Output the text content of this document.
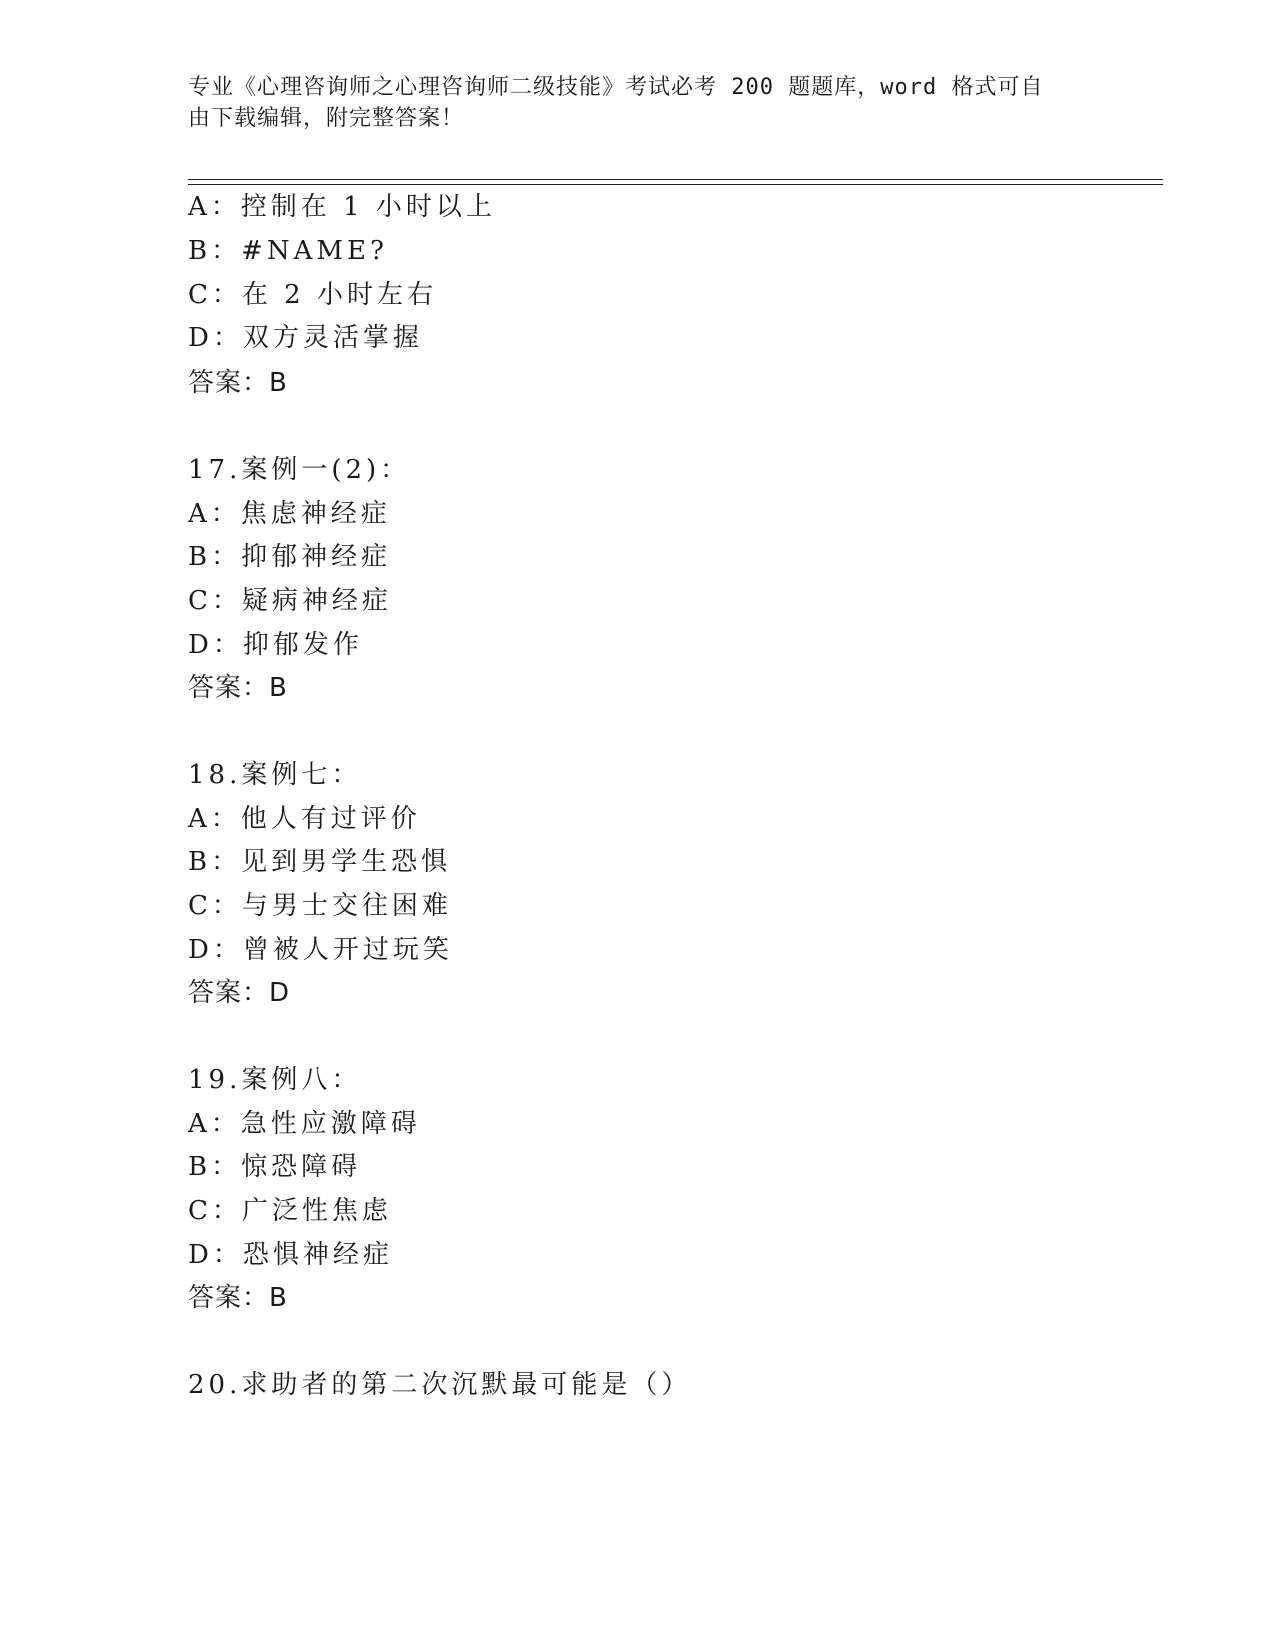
专业《心理咨询师之心理咨询师二级技能》考试必考 200 题题库，word 格式可自
由下载编辑，附完整答案！
A：控制在 1 小时以上
B：#NAME?
C：在 2 小时左右
D：双方灵活掌握
答案：B
17.案例一(2)：
A：焦虑神经症
B：抑郁神经症
C：疑病神经症
D：抑郁发作
答案：B
18.案例七：
A：他人有过评价
B：见到男学生恐惧
C：与男士交往困难
D：曾被人开过玩笑
答案：D
19.案例八：
A：急性应激障碍
B：惊恐障碍
C：广泛性焦虑
D：恐惧神经症
答案：B
20.求助者的第二次沉默最可能是（）
